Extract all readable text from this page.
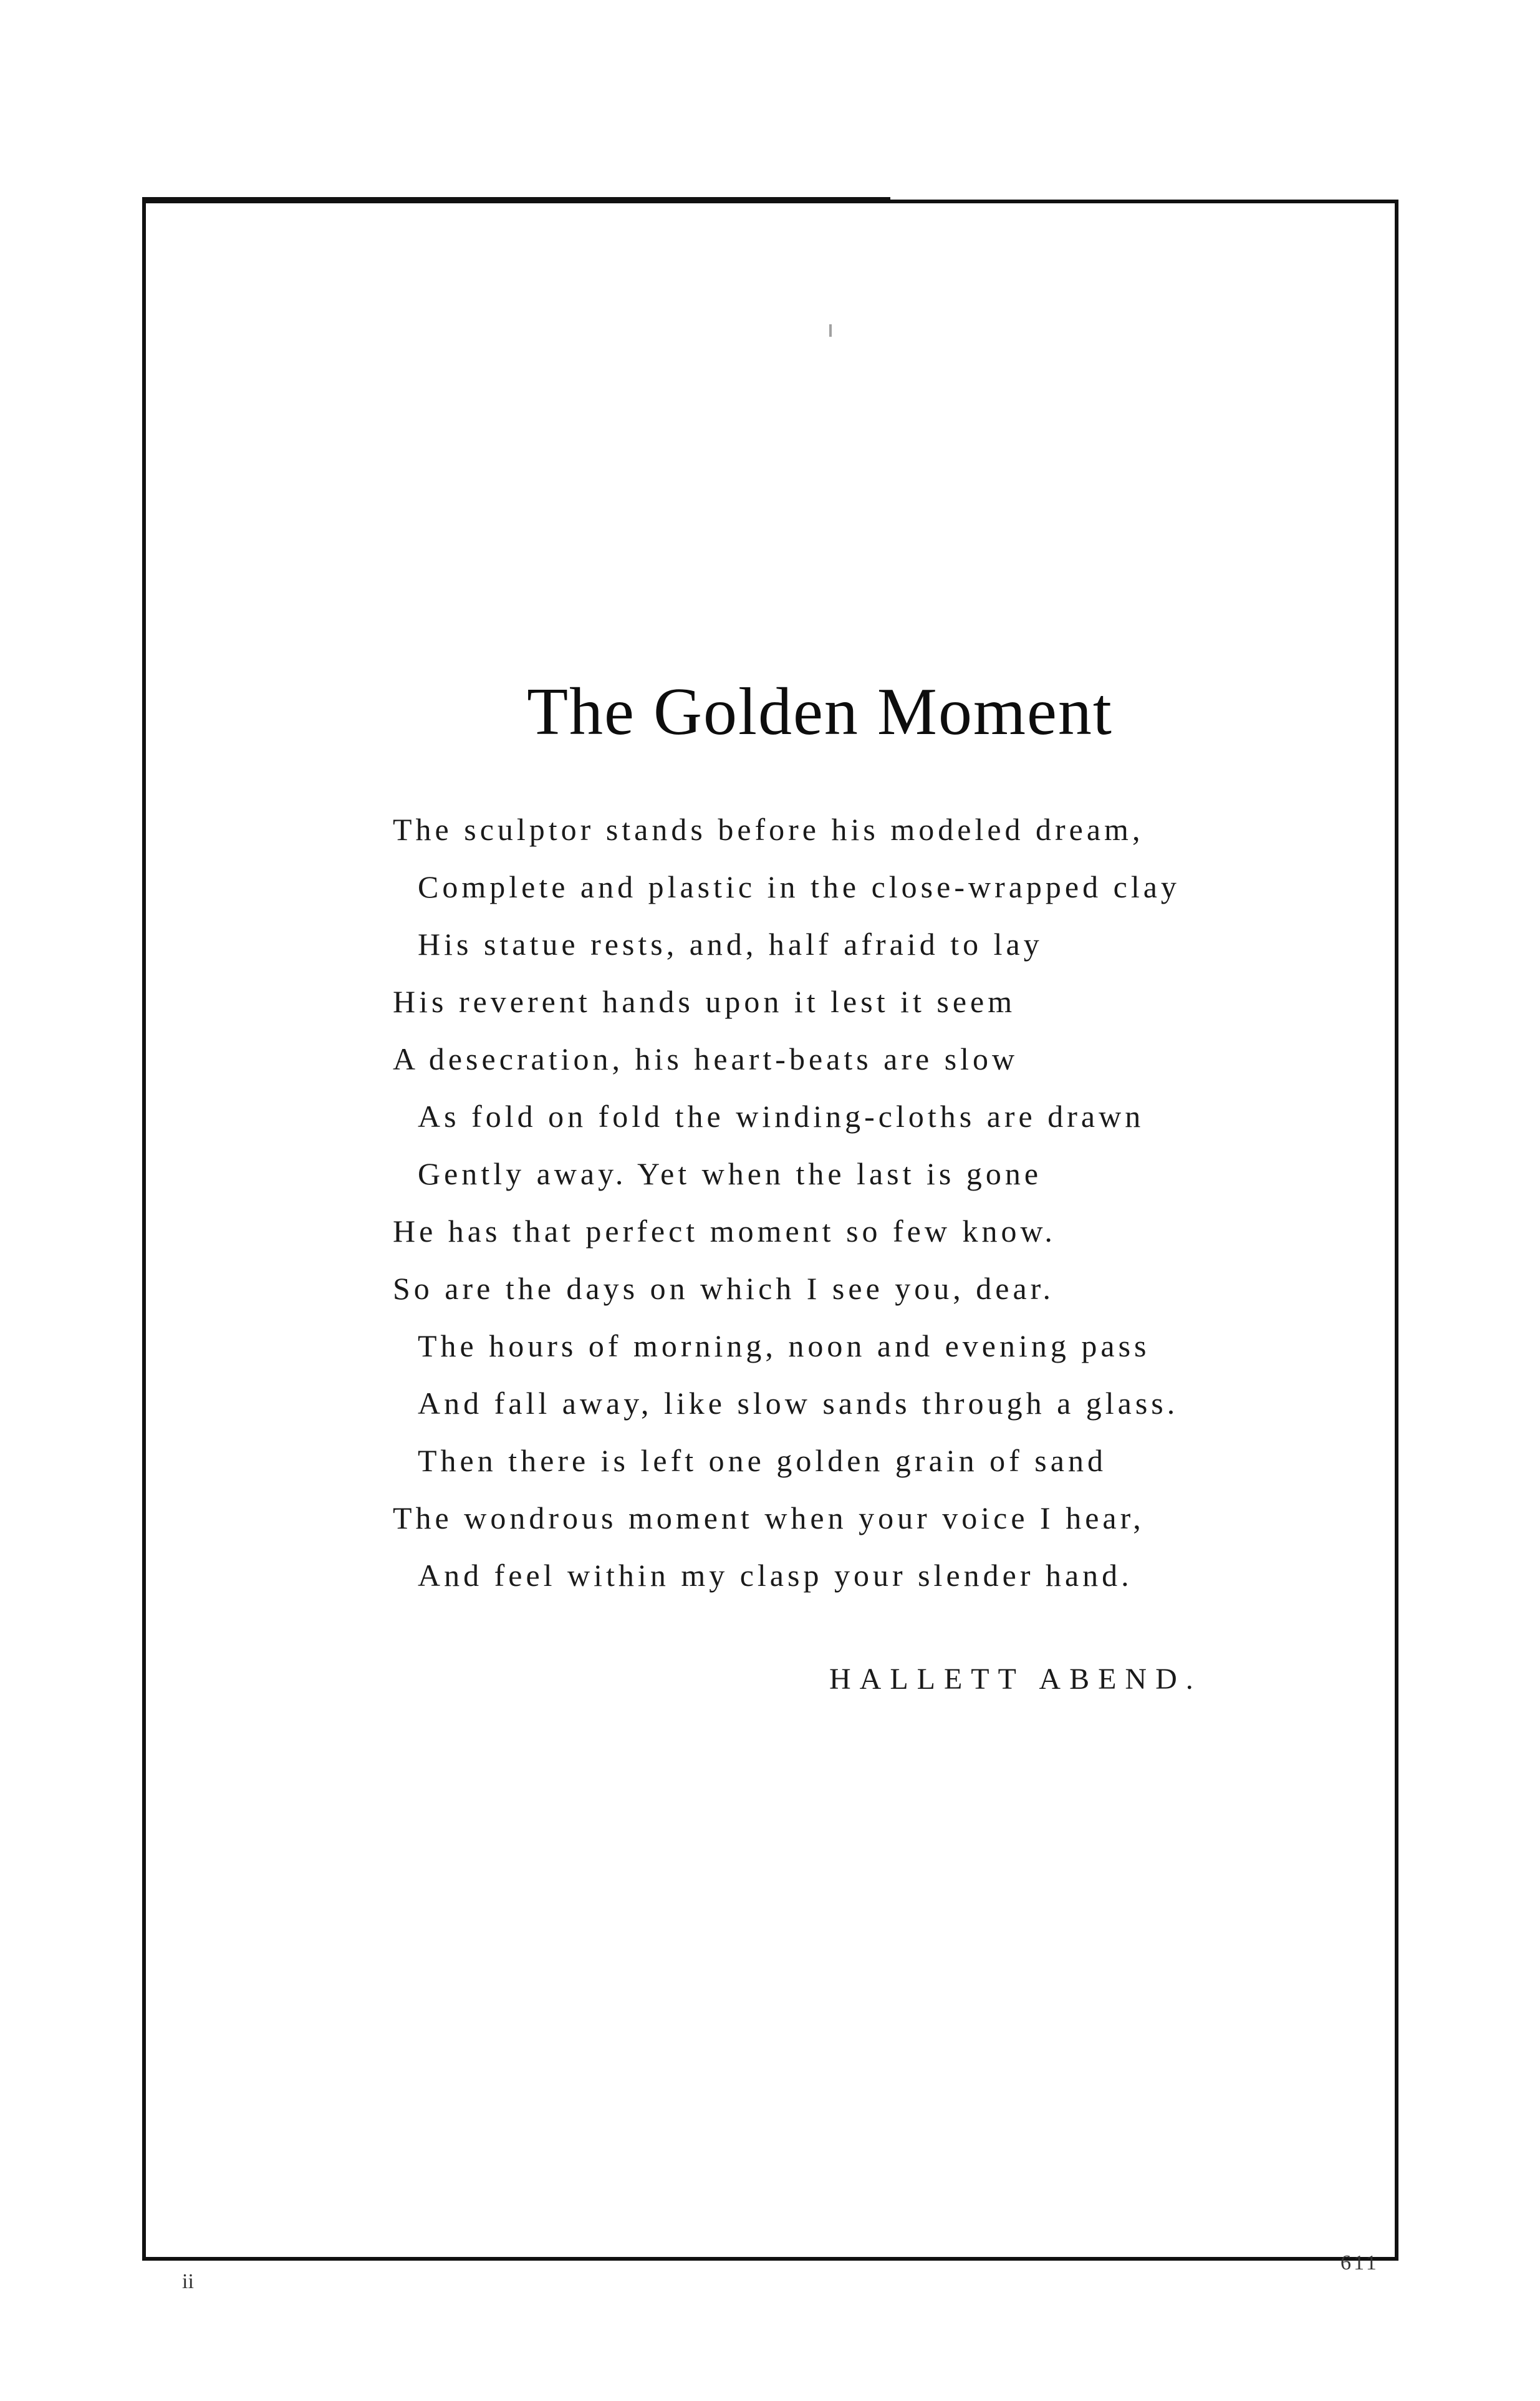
The Golden Moment
The sculptor stands before his modeled dream,
Complete and plastic in the close-wrapped clay
His statue rests, and, half afraid to lay
His reverent hands upon it lest it seem
A desecration, his heart-beats are slow
As fold on fold the winding-cloths are drawn
Gently away. Yet when the last is gone
He has that perfect moment so few know.
So are the days on which I see you, dear.
The hours of morning, noon and evening pass
And fall away, like slow sands through a glass.
Then there is left one golden grain of sand
The wondrous moment when your voice I hear,
And feel within my clasp your slender hand.
HALLETT ABEND.
ii
611
